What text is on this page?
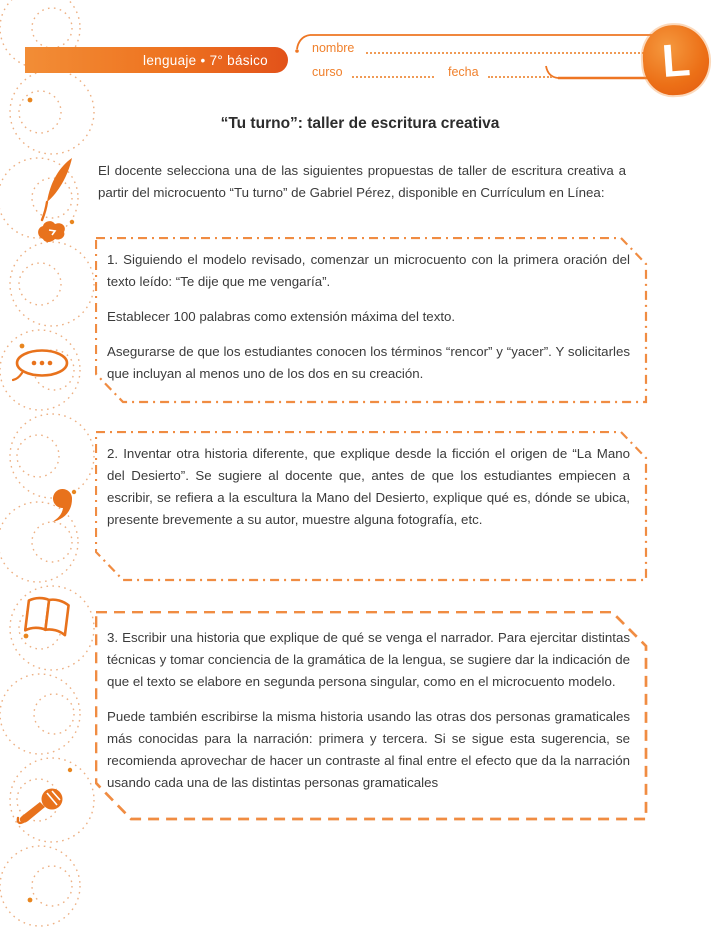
lenguaje • 7° básico
nombre
curso	fecha	L
“Tu turno”: taller de escritura creativa
El docente selecciona una de las siguientes propuestas de taller de escritura creativa a partir del microcuento “Tu turno” de Gabriel Pérez, disponible en Currículum en Línea:

1. Siguiendo el modelo revisado, comenzar un microcuento con la primera oración del texto leído: “Te dije que me vengaría”.

Establecer 100 palabras como extensión máxima del texto.

Asegurarse de que los estudiantes conocen los términos “rencor” y “yacer”. Y solicitarles que incluyan al menos uno de los dos en su creación.

2. Inventar otra historia diferente, que explique desde la ficción el origen de “La Mano del Desierto”. Se sugiere al docente que, antes de que los estudiantes empiecen a escribir, se refiera a la escultura la Mano del Desierto, explique qué es, dónde se ubica, presente brevemente a su autor, muestre alguna fotografía, etc.

3. Escribir una historia que explique de qué se venga el narrador. Para ejercitar distintas técnicas y tomar conciencia de la gramática de la lengua, se sugiere dar la indicación de que el texto se elabore en segunda persona singular, como en el microcuento modelo.

Puede también escribirse la misma historia usando las otras dos personas gramaticales más conocidas para la narración: primera y tercera. Si se sigue esta sugerencia, se recomienda aprovechar de hacer un contraste al final entre el efecto que da la narración usando cada una de las distintas personas gramaticales
